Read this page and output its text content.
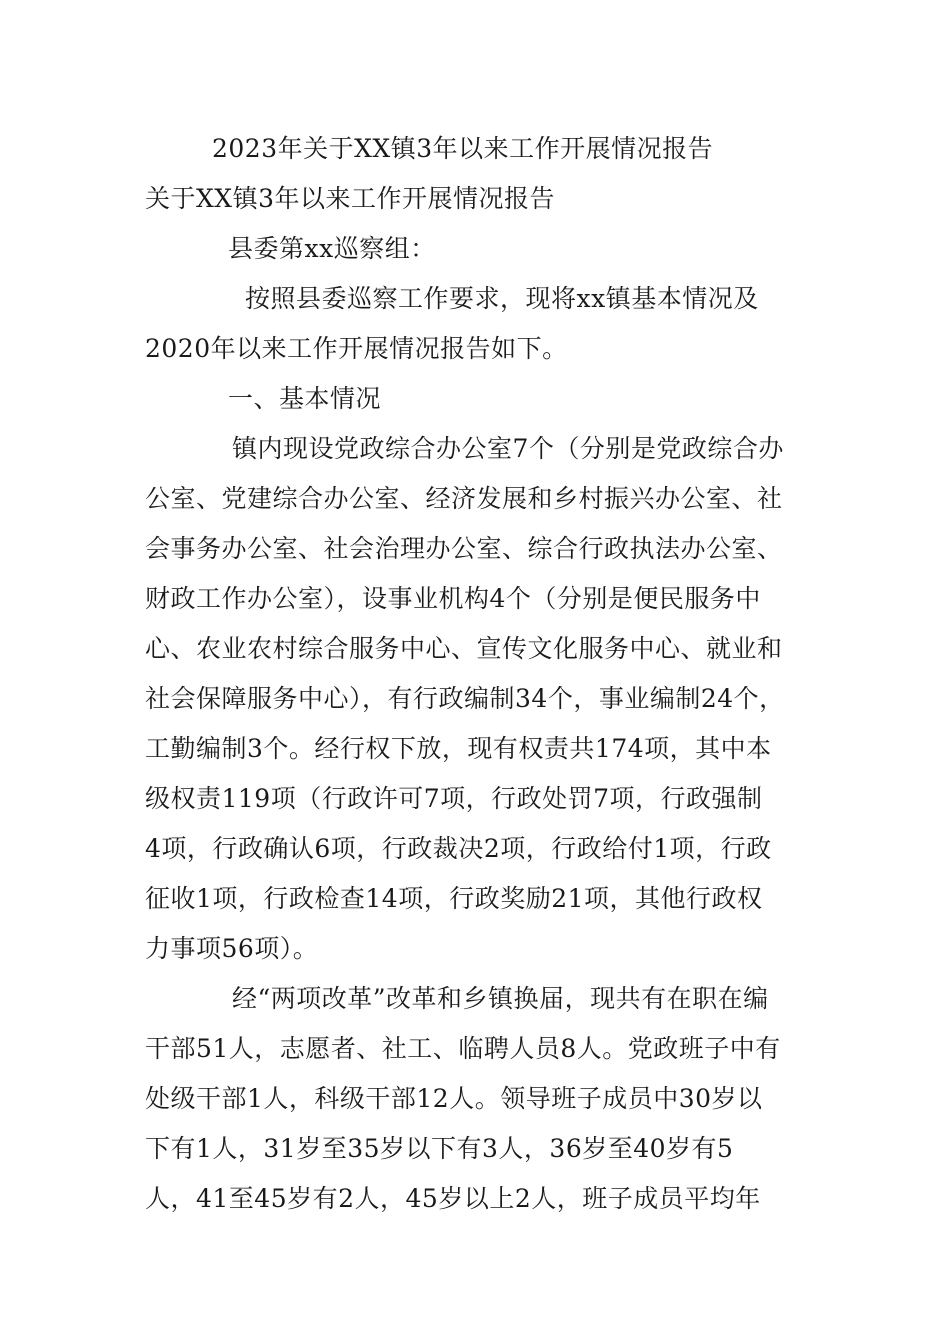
2023年关于XX镇3年以来工作开展情况报告
关于XX镇3年以来工作开展情况报告
县委第xx巡察组：
按照县委巡察工作要求，现将xx镇基本情况及
2020年以来工作开展情况报告如下。
一、基本情况
镇内现设党政综合办公室7个（分别是党政综合办
公室、党建综合办公室、经济发展和乡村振兴办公室、社
会事务办公室、社会治理办公室、综合行政执法办公室、
财政工作办公室），设事业机构4个（分别是便民服务中
心、农业农村综合服务中心、宣传文化服务中心、就业和
社会保障服务中心），有行政编制34个，事业编制24个，
工勤编制3个。经行权下放，现有权责共174项，其中本
级权责119项（行政许可7项，行政处罚7项，行政强制
4项，行政确认6项，行政裁决2项，行政给付1项，行政
征收1项，行政检查14项，行政奖励21项，其他行政权
力事项56项）。
经“两项改革”改革和乡镇换届，现共有在职在编
干部51人，志愿者、社工、临聘人员8人。党政班子中有
处级干部1人，科级干部12人。领导班子成员中30岁以
下有1人，31岁至35岁以下有3人，36岁至40岁有5
人，41至45岁有2人，45岁以上2人，班子成员平均年
